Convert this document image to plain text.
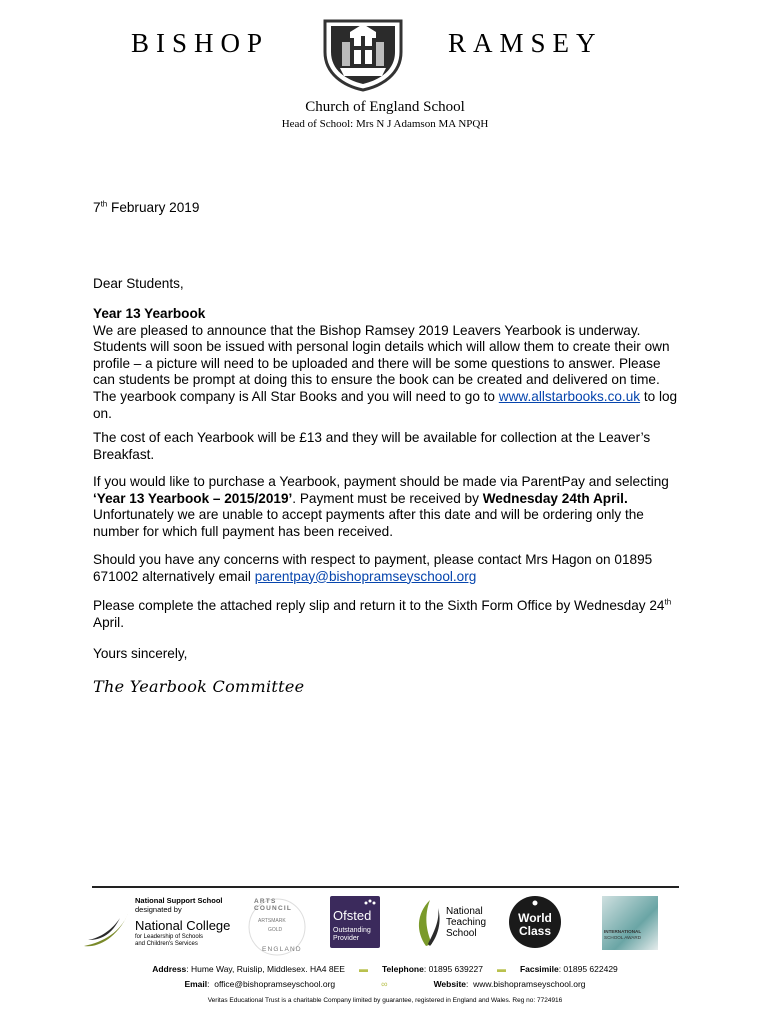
BISHOP	RAMSEY
Church of England School
Head of School: Mrs N J Adamson MA NPQH
7th February 2019
Dear Students,

Year 13 Yearbook

We are pleased to announce that the Bishop Ramsey 2019 Leavers Yearbook is underway. Students will soon be issued with personal login details which will allow them to create their own profile – a picture will need to be uploaded and there will be some questions to answer. Please can students be prompt at doing this to ensure the book can be created and delivered on time. The yearbook company is All Star Books and you will need to go to www.allstarbooks.co.uk to log on.

The cost of each Yearbook will be £13 and they will be available for collection at the Leaver’s Breakfast.
If you would like to purchase a Yearbook, payment should be made via ParentPay and selecting ‘Year 13 Yearbook – 2015/2019’. Payment must be received by Wednesday 24th April. Unfortunately we are unable to accept payments after this date and will be ordering only the number for which full payment has been received.
Should you have any concerns with respect to payment, please contact Mrs Hagon on 01895 671002 alternatively email parentpay@bishopramseyschool.org
Please complete the attached reply slip and return it to the Sixth Form Office by Wednesday 24th April.
Yours sincerely,
The Yearbook Committee
National Support School
designated by
National College
for Leadership of Schools
and Children's Services
ARTS COUNCIL
ARTSMARK
GOLD
ENGLAND
Ofsted
Outstanding
Provider
National
Teaching
School
World
Class	INTERNATIONAL
SCHOOL AWARD
Address: Hume Way, Ruislip, Middlesex. HA4 8EE ▬ Telephone: 01895 639227 ▬ Facsimile: 01895 622429
Email:  office@bishopramseyschool.org	∞	Website:  www.bishopramseyschool.org
Veritas Educational Trust is a charitable Company limited by guarantee, registered in England and Wales. Reg no: 7724916
